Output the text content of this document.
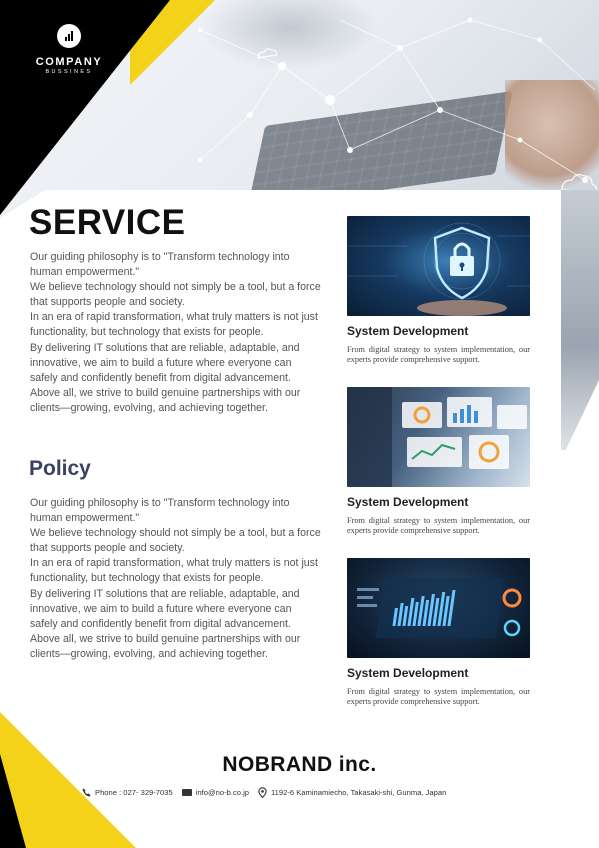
COMPANY
BUSSINES
SERVICE

Our guiding philosophy is to "Transform technology into human empowerment."
We believe technology should not simply be a tool, but a force that supports people and society.
In an era of rapid transformation, what truly matters is not just functionality, but technology that exists for people.
By delivering IT solutions that are reliable, adaptable, and innovative, we aim to build a future where everyone can safely and confidently benefit from digital advancement.
Above all, we strive to build genuine partnerships with our clients—growing, evolving, and achieving together.

Policy

Our guiding philosophy is to "Transform technology into human empowerment."
We believe technology should not simply be a tool, but a force that supports people and society.
In an era of rapid transformation, what truly matters is not just functionality, but technology that exists for people.
By delivering IT solutions that are reliable, adaptable, and innovative, we aim to build a future where everyone can safely and confidently benefit from digital advancement.
Above all, we strive to build genuine partnerships with our clients—growing, evolving, and achieving together.

System Development
From digital strategy to system implementation, our experts provide comprehensive support.
System Development
From digital strategy to system implementation, our experts provide comprehensive support.
System Development
From digital strategy to system implementation, our experts provide comprehensive support.
NOBRAND inc.
Phone : 027- 329-7035	info@no-b.co.jp	1192-6 Kaminamiecho, Takasaki-shi, Gunma, Japan
